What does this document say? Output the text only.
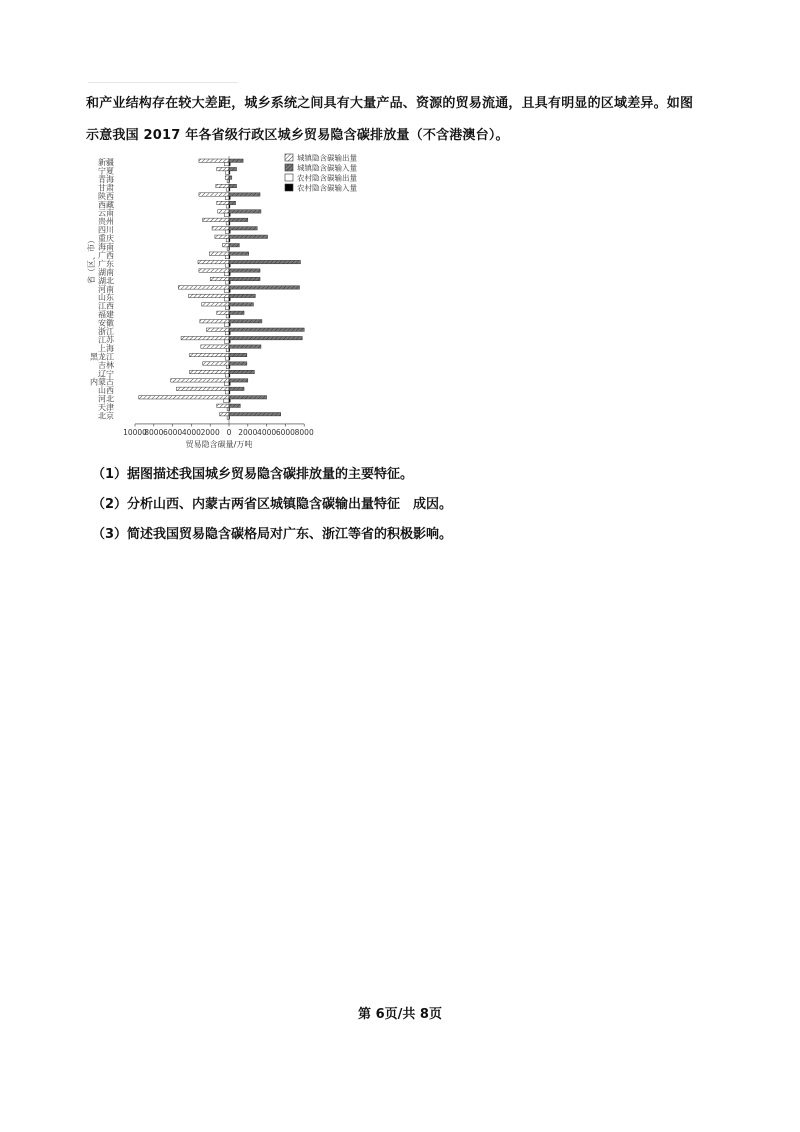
和产业结构存在较大差距，城乡系统之间具有大量产品、资源的贸易流通，且具有明显的区域差异。如图
示意我国 2017 年各省级行政区城乡贸易隐含碳排放量（不含港澳台）。
新疆
宁夏
青海
甘肃
陕西
西藏
云南
贵州
四川
重庆
海南
广西
广东
湖南
湖北
河南
山东
江西
福建
安徽
浙江
江苏
上海
黑龙江
吉林
辽宁
内蒙古
山西
河北
天津
北京
10000
8000 6000 4000 2000 0 2000 4000 6000 8000
贸易隐含碳量/万吨
省（区、市）
城镇隐含碳输出量
城镇隐含碳输入量
农村隐含碳输出量
农村隐含碳输入量
（1）据图描述我国城乡贸易隐含碳排放量的主要特征。
（2）分析山西、内蒙古两省区城镇隐含碳输出量特征　成因。
（3）简述我国贸易隐含碳格局对广东、浙江等省的积极影响。
第 6页/共 8页
